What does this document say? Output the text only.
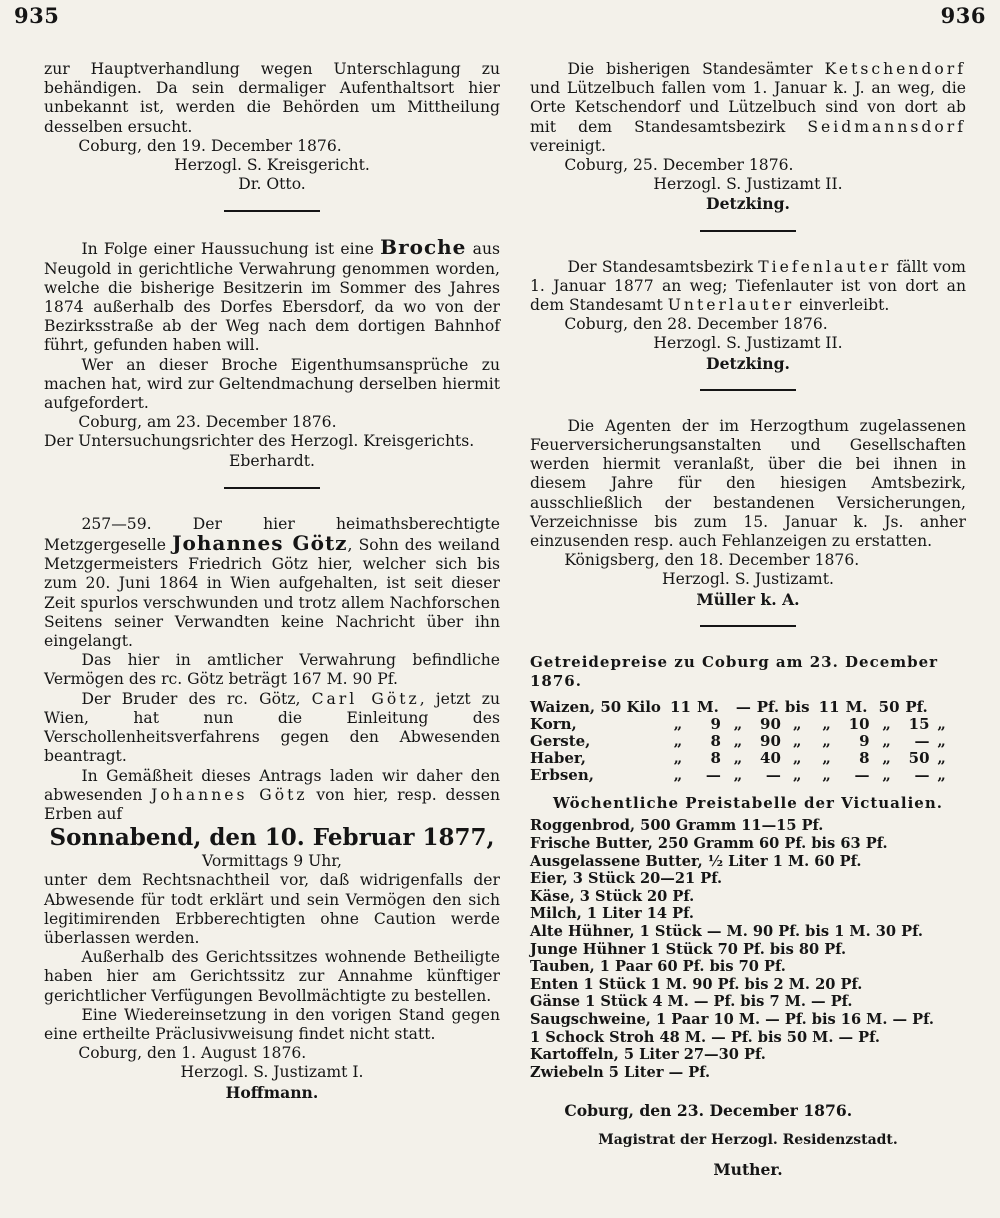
935	936

zur Hauptverhandlung wegen Unterschlagung zu behändigen. Da sein dermaliger Aufenthaltsort hier unbekannt ist, werden die Behörden um Mittheilung desselben ersucht.

Coburg, den 19. December 1876.

Herzogl. S. Kreisgericht.

Dr. Otto.

In Folge einer Haussuchung ist eine Broche aus Neugold in gerichtliche Verwahrung genommen worden, welche die bisherige Besitzerin im Sommer des Jahres 1874 außerhalb des Dorfes Ebersdorf, da wo von der Bezirksstraße ab der Weg nach dem dortigen Bahnhof führt, gefunden haben will.

Wer an dieser Broche Eigenthumsansprüche zu machen hat, wird zur Geltendmachung derselben hiermit aufgefordert.

Coburg, am 23. December 1876.

Der Untersuchungsrichter des Herzogl. Kreisgerichts.

Eberhardt.

257—59. Der hier heimathsberechtigte Metzgergeselle Johannes Götz, Sohn des weiland Metzgermeisters Friedrich Götz hier, welcher sich bis zum 20. Juni 1864 in Wien aufgehalten, ist seit dieser Zeit spurlos verschwunden und trotz allem Nachforschen Seitens seiner Verwandten keine Nachricht über ihn eingelangt.

Das hier in amtlicher Verwahrung befindliche Vermögen des rc. Götz beträgt 167 M. 90 Pf.

Der Bruder des rc. Götz, Carl Götz, jetzt zu Wien, hat nun die Einleitung des Verschollenheitsverfahrens gegen den Abwesenden beantragt.

In Gemäßheit dieses Antrags laden wir daher den abwesenden Johannes Götz von hier, resp. dessen Erben auf

Sonnabend, den 10. Februar 1877,

Vormittags 9 Uhr,

unter dem Rechtsnachtheil vor, daß widrigenfalls der Abwesende für todt erklärt und sein Vermögen den sich legitimirenden Erbberechtigten ohne Caution werde überlassen werden.

Außerhalb des Gerichtssitzes wohnende Betheiligte haben hier am Gerichtssitz zur Annahme künftiger gerichtlicher Verfügungen Bevollmächtigte zu bestellen.

Eine Wiedereinsetzung in den vorigen Stand gegen eine ertheilte Präclusivweisung findet nicht statt.

Coburg, den 1. August 1876.

Herzogl. S. Justizamt I.

Hoffmann.

Die bisherigen Standesämter Ketschendorf und Lützelbuch fallen vom 1. Januar k. J. an weg, die Orte Ketschendorf und Lützelbuch sind von dort ab mit dem Standesamtsbezirk Seidmannsdorf vereinigt.

Coburg, 25. December 1876.

Herzogl. S. Justizamt II.

Detzking.

Der Standesamtsbezirk Tiefenlauter fällt vom 1. Januar 1877 an weg; Tiefenlauter ist von dort an dem Standesamt Unterlauter einverleibt.

Coburg, den 28. December 1876.

Herzogl. S. Justizamt II.

Detzking.

Die Agenten der im Herzogthum zugelassenen Feuerversicherungsanstalten und Gesellschaften werden hiermit veranlaßt, über die bei ihnen in diesem Jahre für den hiesigen Amtsbezirk, ausschließlich der bestandenen Versicherungen, Verzeichnisse bis zum 15. Januar k. Js. anher einzusenden resp. auch Fehlanzeigen zu erstatten.

Königsberg, den 18. December 1876.

Herzogl. S. Justizamt.

Müller k. A.

Getreidepreise zu Coburg am 23. December 1876.

Waizen, 50 Kilo	11	M.	—	Pf.	bis	11	M.	50	Pf.	
Korn,	„	9	„	90	„	„	10	„	15	„
Gerste,	„	8	„	90	„	„	9	„	—	„
Haber,	„	8	„	40	„	„	8	„	50	„
Erbsen,	„	—	„	—	„	„	—	„	—	„

Wöchentliche Preistabelle der Victualien.

Roggenbrod, 500 Gramm 11—15 Pf.

Frische Butter, 250 Gramm 60 Pf. bis 63 Pf.

Ausgelassene Butter, ½ Liter 1 M. 60 Pf.

Eier, 3 Stück 20—21 Pf.

Käse, 3 Stück 20 Pf.

Milch, 1 Liter 14 Pf.

Alte Hühner, 1 Stück — M. 90 Pf. bis 1 M. 30 Pf.

Junge Hühner 1 Stück 70 Pf. bis 80 Pf.

Tauben, 1 Paar 60 Pf. bis 70 Pf.

Enten 1 Stück 1 M. 90 Pf. bis 2 M. 20 Pf.

Gänse 1 Stück 4 M. — Pf. bis 7 M. — Pf.

Saugschweine, 1 Paar 10 M. — Pf. bis 16 M. — Pf.

1 Schock Stroh 48 M. — Pf. bis 50 M. — Pf.

Kartoffeln, 5 Liter 27—30 Pf.

Zwiebeln 5 Liter — Pf.

Coburg, den 23. December 1876.

Magistrat der Herzogl. Residenzstadt.

Muther.
